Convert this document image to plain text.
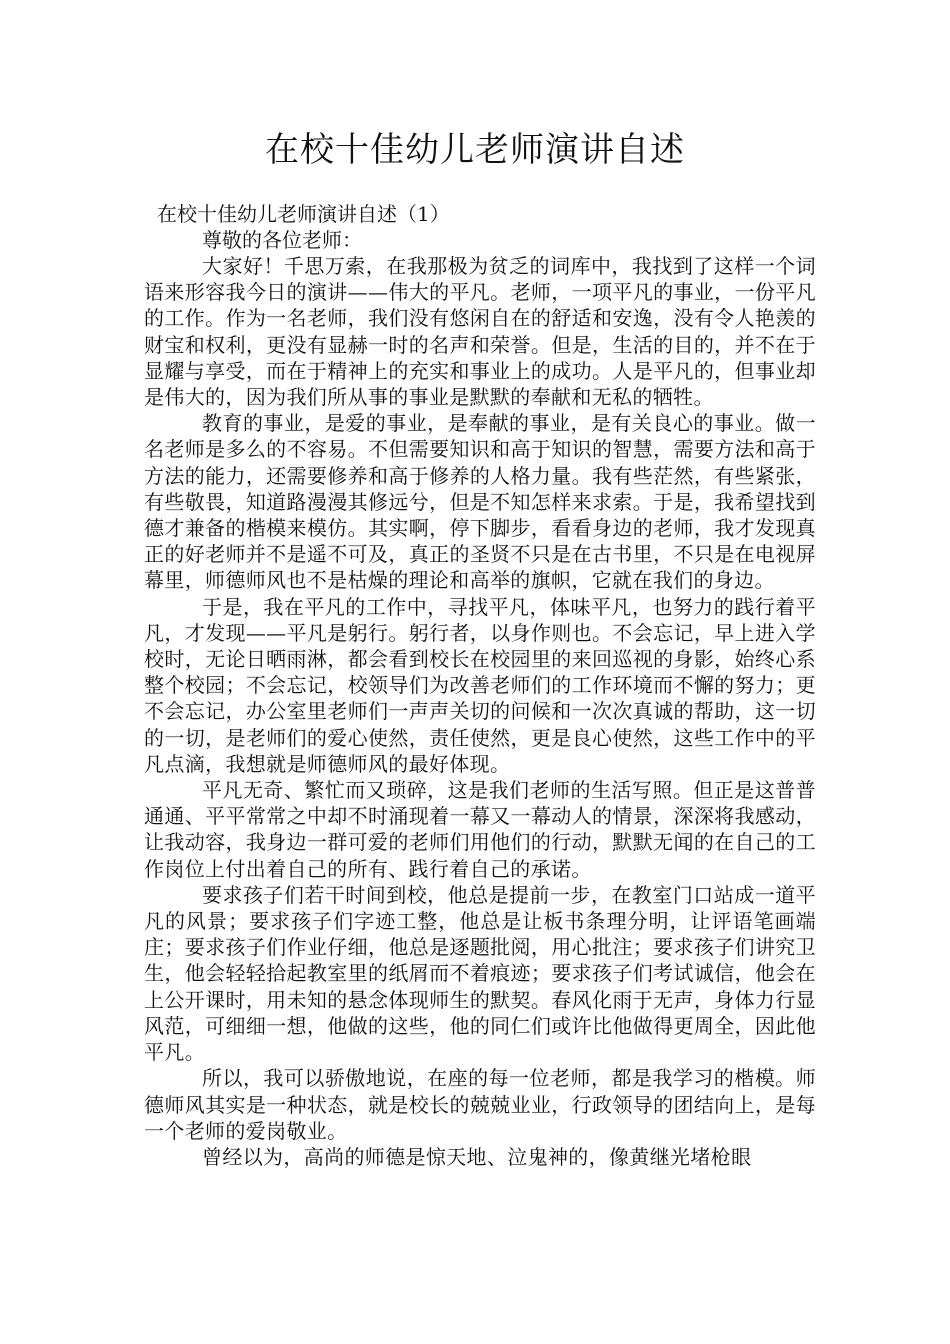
在校十佳幼儿老师演讲自述
在校十佳幼儿老师演讲自述（1）
尊敬的各位老师：

大家好！千思万索，在我那极为贫乏的词库中，我找到了这样一个词语来形容我今日的演讲——伟大的平凡。老师，一项平凡的事业，一份平凡的工作。作为一名老师，我们没有悠闲自在的舒适和安逸，没有令人艳羡的财宝和权利，更没有显赫一时的名声和荣誉。但是，生活的目的，并不在于显耀与享受，而在于精神上的充实和事业上的成功。人是平凡的，但事业却是伟大的，因为我们所从事的事业是默默的奉献和无私的牺牲。

教育的事业，是爱的事业，是奉献的事业，是有关良心的事业。做一名老师是多么的不容易。不但需要知识和高于知识的智慧，需要方法和高于方法的能力，还需要修养和高于修养的人格力量。我有些茫然，有些紧张，有些敬畏，知道路漫漫其修远兮，但是不知怎样来求索。于是，我希望找到德才兼备的楷模来模仿。其实啊，停下脚步，看看身边的老师，我才发现真正的好老师并不是遥不可及，真正的圣贤不只是在古书里，不只是在电视屏幕里，师德师风也不是枯燥的理论和高举的旗帜，它就在我们的身边。

于是，我在平凡的工作中，寻找平凡，体味平凡，也努力的践行着平凡，才发现——平凡是躬行。躬行者，以身作则也。不会忘记，早上进入学校时，无论日晒雨淋，都会看到校长在校园里的来回巡视的身影，始终心系整个校园；不会忘记，校领导们为改善老师们的工作环境而不懈的努力；更不会忘记，办公室里老师们一声声关切的问候和一次次真诚的帮助，这一切的一切，是老师们的爱心使然，责任使然，更是良心使然，这些工作中的平凡点滴，我想就是师德师风的最好体现。

平凡无奇、繁忙而又琐碎，这是我们老师的生活写照。但正是这普普通通、平平常常之中却不时涌现着一幕又一幕动人的情景，深深将我感动，让我动容，我身边一群可爱的老师们用他们的行动，默默无闻的在自己的工作岗位上付出着自己的所有、践行着自己的承诺。

要求孩子们若干时间到校，他总是提前一步，在教室门口站成一道平凡的风景；要求孩子们字迹工整，他总是让板书条理分明，让评语笔画端庄；要求孩子们作业仔细，他总是逐题批阅，用心批注；要求孩子们讲究卫生，他会轻轻拾起教室里的纸屑而不着痕迹；要求孩子们考试诚信，他会在上公开课时，用未知的悬念体现师生的默契。春风化雨于无声，身体力行显风范，可细细一想，他做的这些，他的同仁们或许比他做得更周全，因此他平凡。

所以，我可以骄傲地说，在座的每一位老师，都是我学习的楷模。师德师风其实是一种状态，就是校长的兢兢业业，行政领导的团结向上，是每一个老师的爱岗敬业。

曾经以为，高尚的师德是惊天地、泣鬼神的，像黄继光堵枪眼
